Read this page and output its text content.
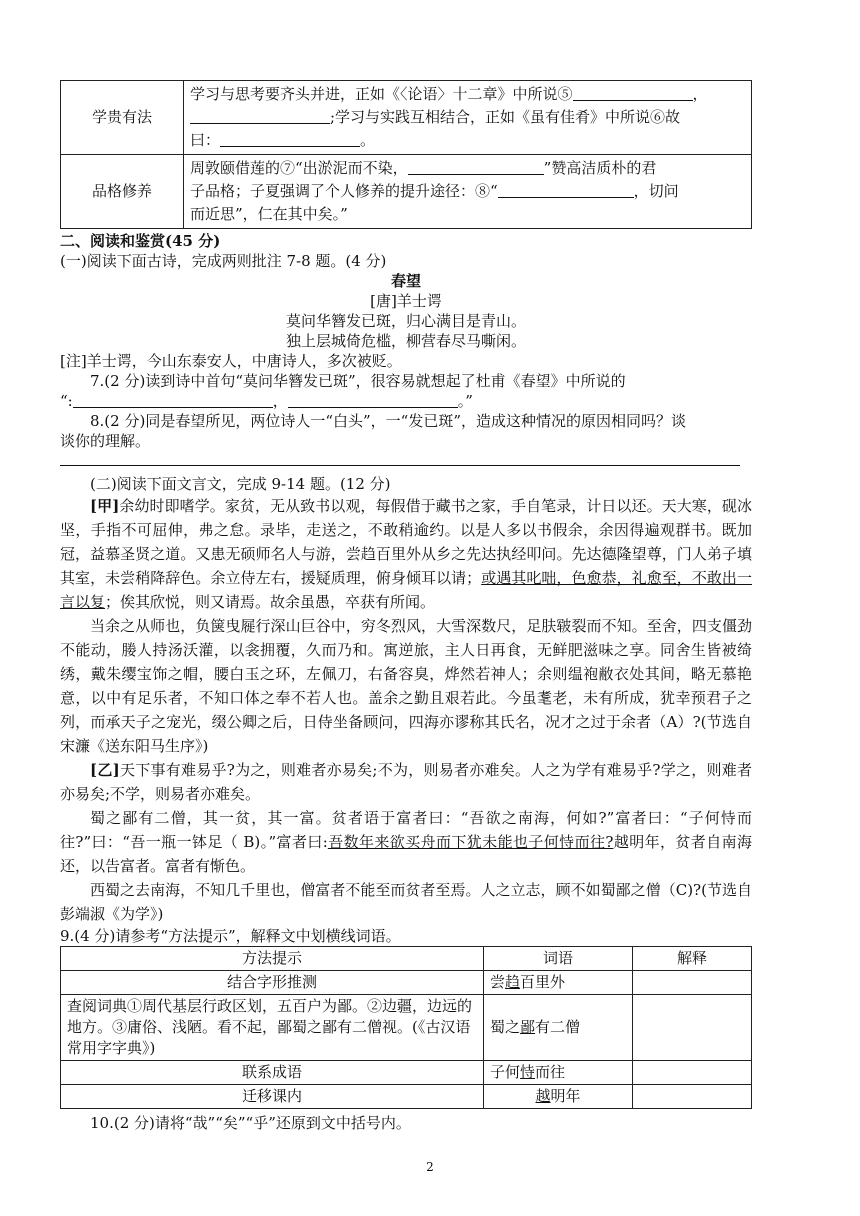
学贵有法	学习与思考要齐头并进，正如《〈论语〉十二章》中所说⑤ ，
;学习与实践互相结合，正如《虽有佳肴》中所说⑥故
曰： 。

品格修养	周敦颐借莲的⑦“出淤泥而不染， ”赞高洁质朴的君
子品格；子夏强调了个人修养的提升途径：⑧“ ，切问
而近思”，仁在其中矣。”
二、阅读和鉴赏(45 分)
(一)阅读下面古诗，完成两则批注 7-8 题。(4 分)
春望
[唐]羊士谔
莫问华簪发已斑，归心满目是青山。
独上层城倚危槛，柳营春尽马嘶闲。
[注]羊士谔，今山东泰安人，中唐诗人，多次被贬。
7.(2 分)读到诗中首句“莫问华簪发已斑”，很容易就想起了杜甫《春望》中所说的
“:	，	。”
8.(2 分)同是春望所见，两位诗人一“白头”，一“发已斑”，造成这种情况的原因相同吗？谈
谈你的理解。
(二)阅读下面文言文，完成 9-14 题。(12 分)
[甲]余幼时即嗜学。家贫，无从致书以观，每假借于藏书之家，手自笔录，计日以还。天大寒，砚冰坚，手指不可屈伸，弗之怠。录毕，走送之，不敢稍逾约。以是人多以书假余，余因得遍观群书。既加冠，益慕圣贤之道。又患无硕师名人与游，尝趋百里外从乡之先达执经叩问。先达德隆望尊，门人弟子填其室，未尝稍降辞色。余立侍左右，援疑质理，俯身倾耳以请；或遇其叱咄，色愈恭，礼愈至，不敢出一言以复；俟其欣悦，则又请焉。故余虽愚，卒获有所闻。
当余之从师也，负箧曳屣行深山巨谷中，穷冬烈风，大雪深数尺，足肤皲裂而不知。至舍，四支僵劲不能动，媵人持汤沃灌，以衾拥覆，久而乃和。寓逆旅，主人日再食，无鲜肥滋味之享。同舍生皆被绮绣，戴朱缨宝饰之帽，腰白玉之环，左佩刀，右备容臭，烨然若神人；余则缊袍敝衣处其间，略无慕艳意，以中有足乐者，不知口体之奉不若人也。盖余之勤且艰若此。今虽耄老，未有所成，犹幸预君子之列，而承天子之宠光，缀公卿之后，日侍坐备顾问，四海亦谬称其氏名，况才之过于余者（A）?(节选自宋濂《送东阳马生序》)
[乙]天下事有难易乎?为之，则难者亦易矣;不为，则易者亦难矣。人之为学有难易乎?学之，则难者亦易矣;不学，则易者亦难矣。
蜀之鄙有二僧，其一贫，其一富。贫者语于富者曰：“吾欲之南海，何如?”富者曰：“子何恃而往?”曰：“吾一瓶一钵足（ B)。”富者曰:吾数年来欲买舟而下犹未能也子何恃而往?越明年，贫者自南海还，以告富者。富者有惭色。
西蜀之去南海，不知几千里也，僧富者不能至而贫者至焉。人之立志，顾不如蜀鄙之僧（C)?(节选自彭端淑《为学》)
9.(4 分)请参考“方法提示”，解释文中划横线词语。
方法提示	词语	解释
结合字形推测	尝趋百里外	
查阅词典①周代基层行政区划，五百户为鄙。②边疆，边远的地方。③庸俗、浅陋。看不起，鄙蜀之鄙有二僧视。(《古汉语常用字字典》)	蜀之鄙有二僧	
联系成语	子何恃而往	
迁移课内	越明年	
10.(2 分)请将“哉”“矣”“乎”还原到文中括号内。
2
